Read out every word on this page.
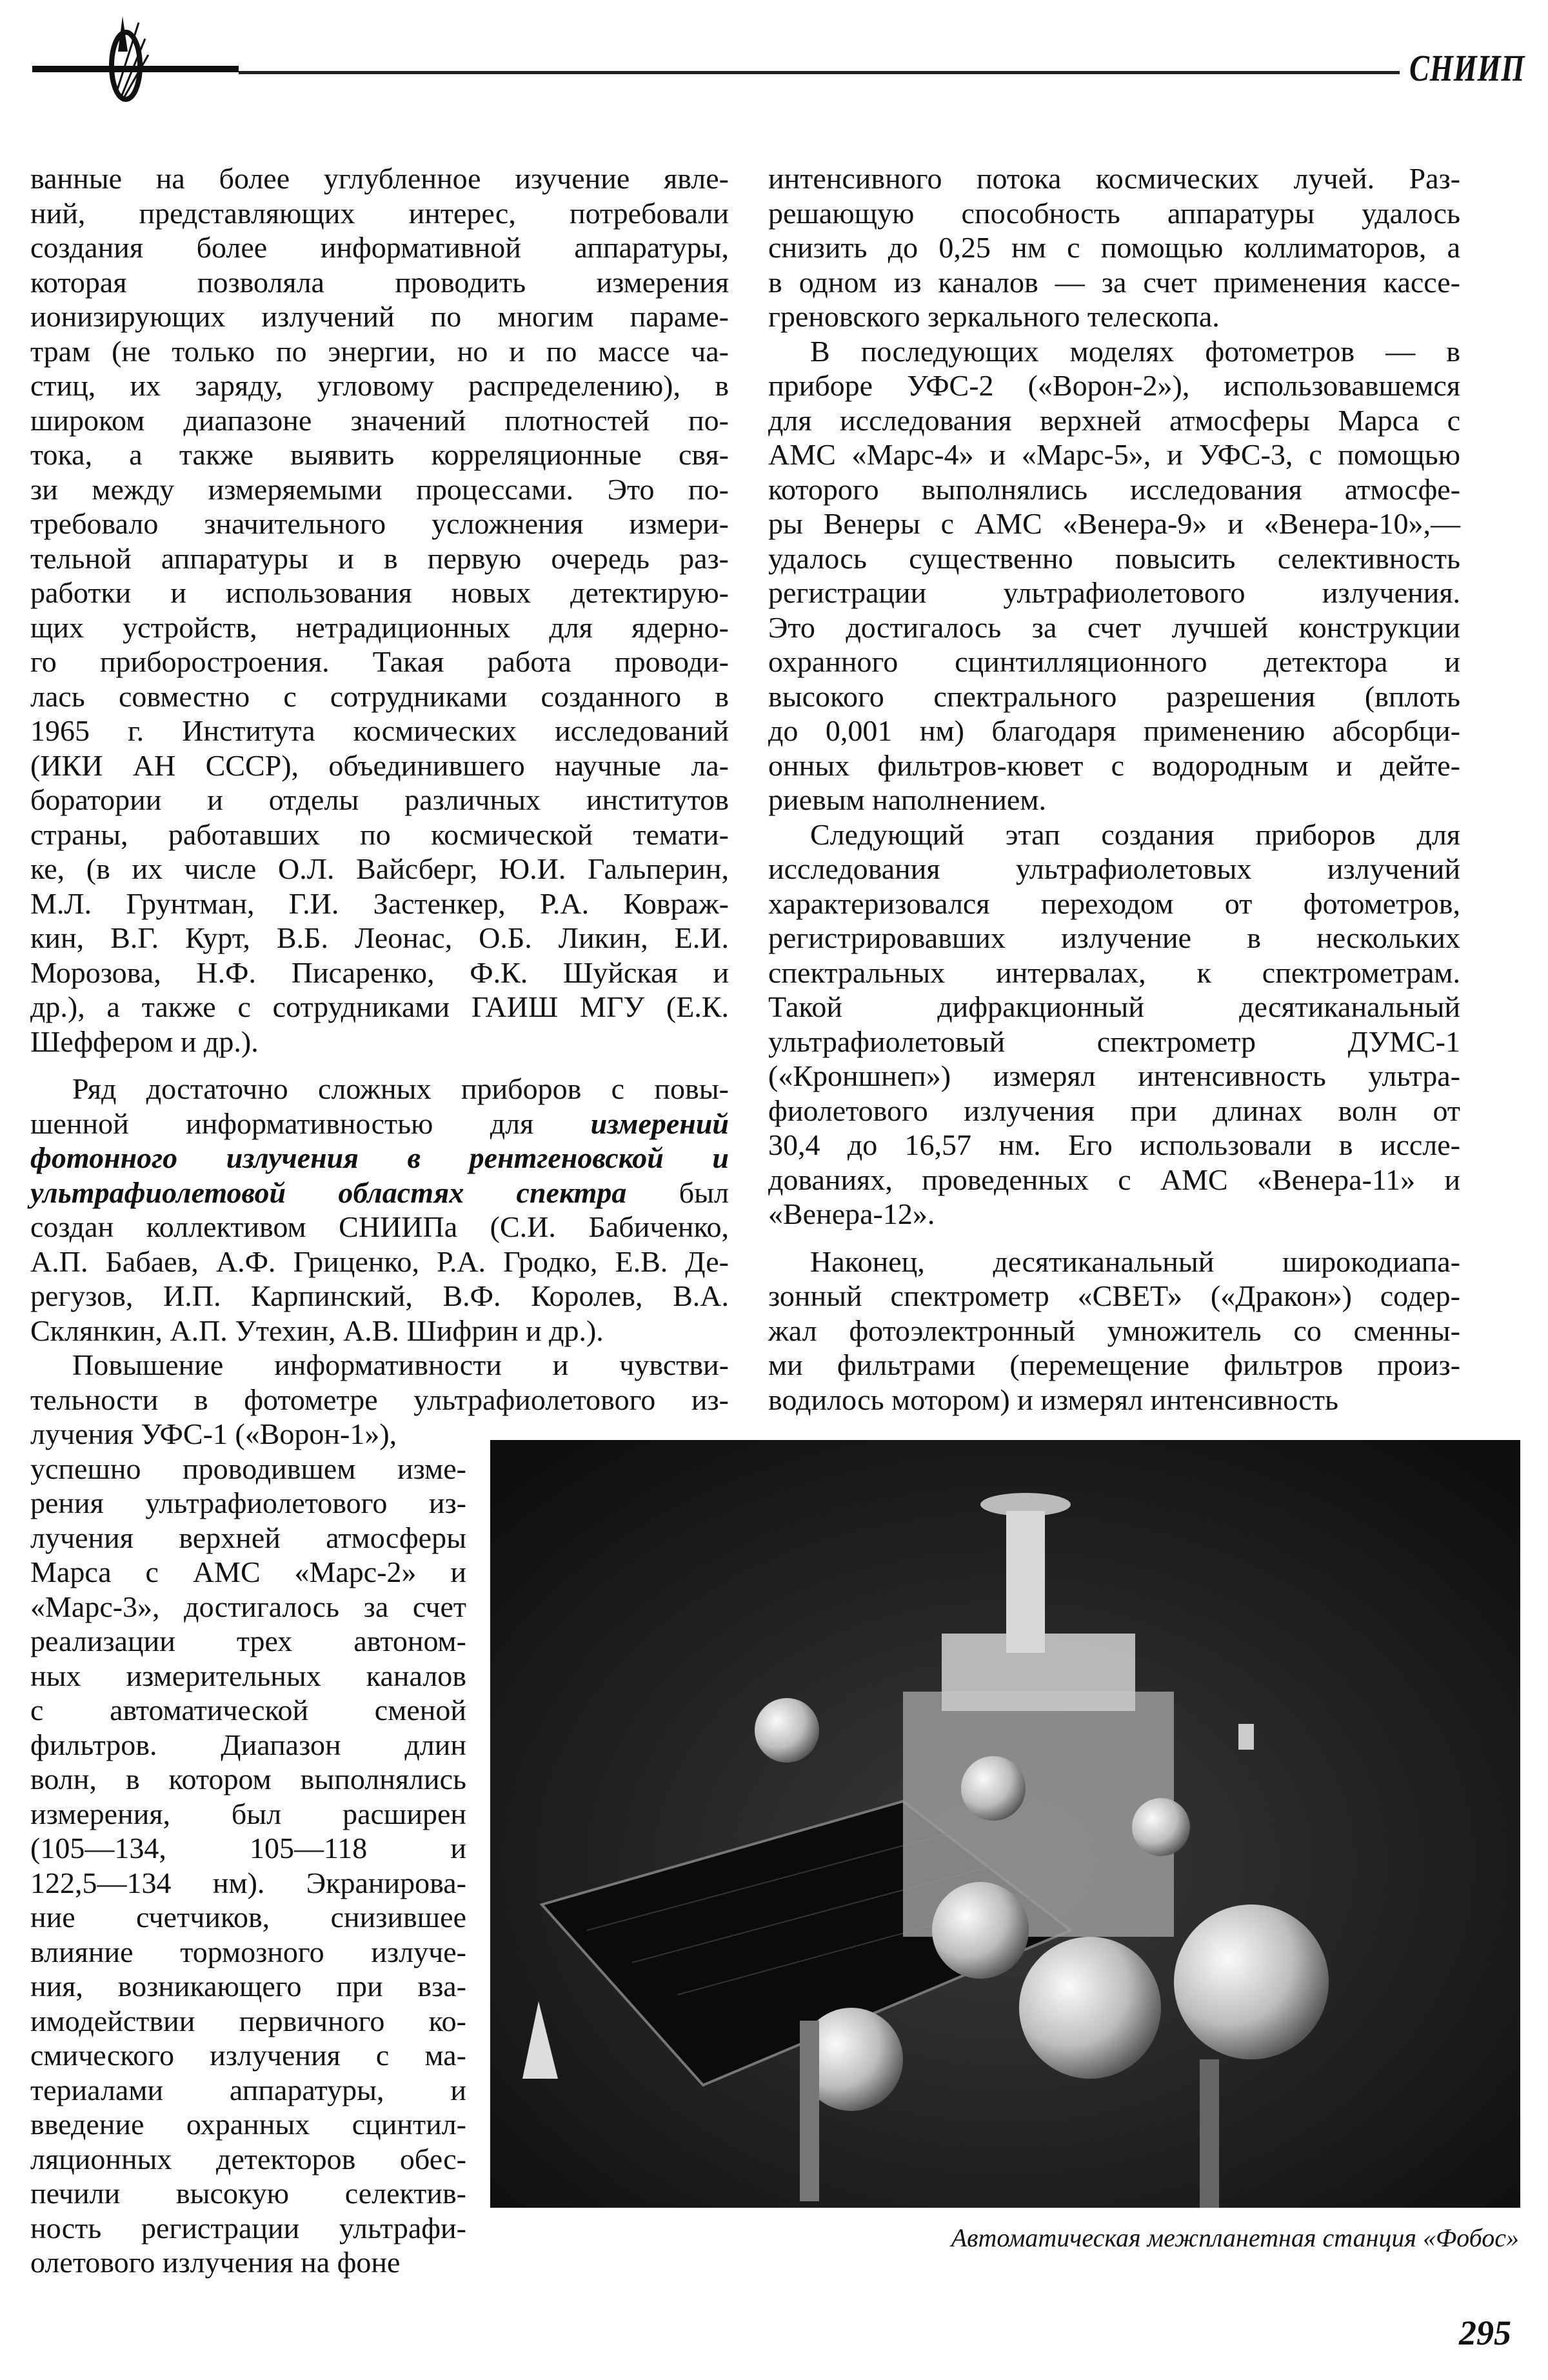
СНИИП
ванные на более углубленное изучение явле-
ний, представляющих интерес, потребовали
создания более информативной аппаратуры,
которая позволяла проводить измерения
ионизирующих излучений по многим параме-
трам (не только по энергии, но и по массе ча-
стиц, их заряду, угловому распределению), в
широком диапазоне значений плотностей по-
тока, а также выявить корреляционные свя-
зи между измеряемыми процессами. Это по-
требовало значительного усложнения измери-
тельной аппаратуры и в первую очередь раз-
работки и использования новых детектирую-
щих устройств, нетрадиционных для ядерно-
го приборостроения. Такая работа проводи-
лась совместно с сотрудниками созданного в
1965 г. Института космических исследований
(ИКИ АН СССР), объединившего научные ла-
боратории и отделы различных институтов
страны, работавших по космической темати-
ке, (в их числе О.Л. Вайсберг, Ю.И. Гальперин,
М.Л. Грунтман, Г.И. Застенкер, Р.А. Ковраж-
кин, В.Г. Курт, В.Б. Леонас, О.Б. Ликин, Е.И.
Морозова, Н.Ф. Писаренко, Ф.К. Шуйская и
др.), а также с сотрудниками ГАИШ МГУ (Е.К.
Шеффером и др.).
Ряд достаточно сложных приборов с повы-
шенной информативностью для измерений
фотонного излучения в рентгеновской и
ультрафиолетовой областях спектра был
создан коллективом СНИИПа (С.И. Бабиченко,
А.П. Бабаев, А.Ф. Гриценко, Р.А. Гродко, Е.В. Де-
регузов, И.П. Карпинский, В.Ф. Королев, В.А.
Склянкин, А.П. Утехин, А.В. Шифрин и др.).
Повышение информативности и чувстви-
тельности в фотометре ультрафиолетового из-
лучения УФС-1 («Ворон-1»),
успешно проводившем изме-
рения ультрафиолетового из-
лучения верхней атмосферы
Марса с АМС «Марс-2» и
«Марс-3», достигалось за счет
реализации трех автоном-
ных измерительных каналов
с автоматической сменой
фильтров. Диапазон длин
волн, в котором выполнялись
измерения, был расширен
(105—134, 105—118 и
122,5—134 нм). Экранирова-
ние счетчиков, снизившее
влияние тормозного излуче-
ния, возникающего при вза-
имодействии первичного ко-
смического излучения с ма-
териалами аппаратуры, и
введение охранных сцинтил-
ляционных детекторов обес-
печили высокую селектив-
ность регистрации ультрафи-
олетового излучения на фоне
интенсивного потока космических лучей. Раз-
решающую способность аппаратуры удалось
снизить до 0,25 нм с помощью коллиматоров, а
в одном из каналов — за счет применения кассе-
греновского зеркального телескопа.
В последующих моделях фотометров — в
приборе УФС-2 («Ворон-2»), использовавшемся
для исследования верхней атмосферы Марса с
АМС «Марс-4» и «Марс-5», и УФС-3, с помощью
которого выполнялись исследования атмосфе-
ры Венеры с АМС «Венера-9» и «Венера-10»,—
удалось существенно повысить селективность
регистрации ультрафиолетового излучения.
Это достигалось за счет лучшей конструкции
охранного сцинтилляционного детектора и
высокого спектрального разрешения (вплоть
до 0,001 нм) благодаря применению абсорбци-
онных фильтров-кювет с водородным и дейте-
риевым наполнением.
Следующий этап создания приборов для
исследования ультрафиолетовых излучений
характеризовался переходом от фотометров,
регистрировавших излучение в нескольких
спектральных интервалах, к спектрометрам.
Такой дифракционный десятиканальный
ультрафиолетовый спектрометр ДУМС-1
(«Кроншнеп») измерял интенсивность ультра-
фиолетового излучения при длинах волн от
30,4 до 16,57 нм. Его использовали в иссле-
дованиях, проведенных с АМС «Венера-11» и
«Венера-12».
Наконец, десятиканальный широкодиапа-
зонный спектрометр «СВЕТ» («Дракон») содер-
жал фотоэлектронный умножитель со сменны-
ми фильтрами (перемещение фильтров произ-
водилось мотором) и измерял интенсивность
Автоматическая межпланетная станция «Фобос»
295
